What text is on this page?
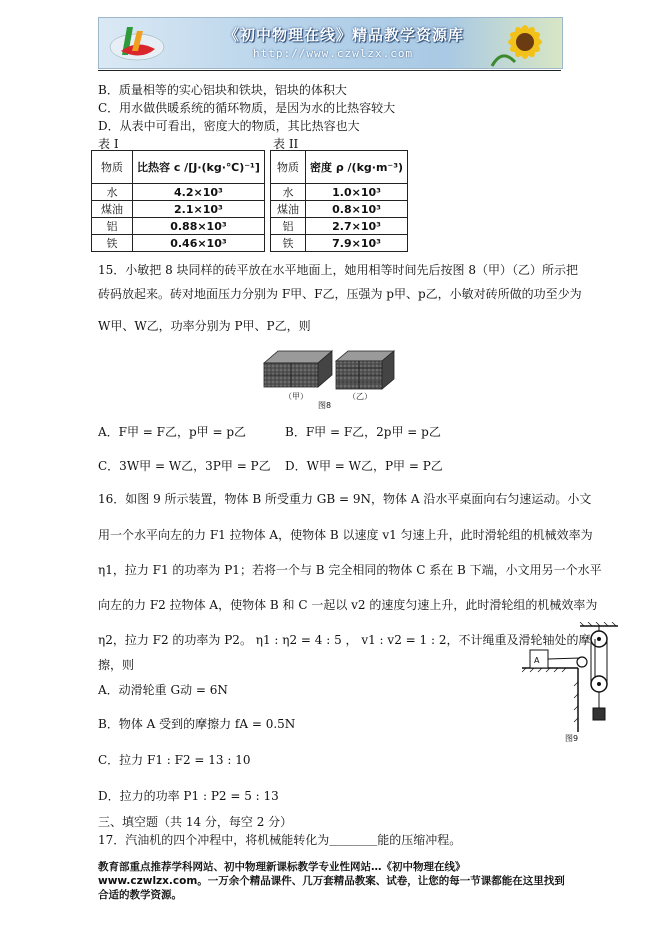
《初中物理在线》精品教学资源库
http://www.czwlzx.com
B．质量相等的实心铝块和铁块，铝块的体积大
C．用水做供暖系统的循环物质，是因为水的比热容较大
D．从表中可看出，密度大的物质，其比热容也大
表 I	表 II
物质	比热容 c /[J·(kg·℃)⁻¹]
水	4.2×10³
煤油	2.1×10³
铝	0.88×10³
铁	0.46×10³
物质	密度 ρ /(kg·m⁻³)
水	1.0×10³
煤油	0.8×10³
铝	2.7×10³
铁	7.9×10³
15．小敏把 8 块同样的砖平放在水平地面上，她用相等时间先后按图 8（甲）（乙）所示把
砖码放起来。砖对地面压力分别为 F甲、F乙，压强为 p甲、p乙，小敏对砖所做的功至少为
W甲、W乙，功率分别为 P甲、P乙，则
（甲）	（乙）
图8
A．F甲 = F乙，p甲 = p乙	B．F甲 = F乙，2p甲 = p乙
C．3W甲 = W乙，3P甲 = P乙 D．W甲 = W乙，P甲 = P乙
16．如图 9 所示装置，物体 B 所受重力 GB = 9N，物体 A 沿水平桌面向右匀速运动。小文
用一个水平向左的力 F1 拉物体 A，使物体 B 以速度 v1 匀速上升，此时滑轮组的机械效率为
η1，拉力 F1 的功率为 P1；若将一个与 B 完全相同的物体 C 系在 B 下端，小文用另一个水平
向左的力 F2 拉物体 A，使物体 B 和 C 一起以 v2 的速度匀速上升，此时滑轮组的机械效率为
η2，拉力 F2 的功率为 P2。 η1 : η2 = 4 : 5 ， v1 : v2 = 1 : 2，不计绳重及滑轮轴处的摩
擦，则	A
图9
A．动滑轮重 G动 = 6N
B．物体 A 受到的摩擦力 fA = 0.5N
C．拉力 F1 : F2 = 13 : 10
D．拉力的功率 P1 : P2 = 5 : 13
三、填空题（共 14 分，每空 2 分）
17．汽油机的四个冲程中，将机械能转化为＿＿＿＿能的压缩冲程。
教育部重点推荐学科网站、初中物理新课标教学专业性网站…《初中物理在线》www.czwlzx.com。一万余个精品课件、几万套精品教案、试卷，让您的每一节课都能在这里找到合适的教学资源。
